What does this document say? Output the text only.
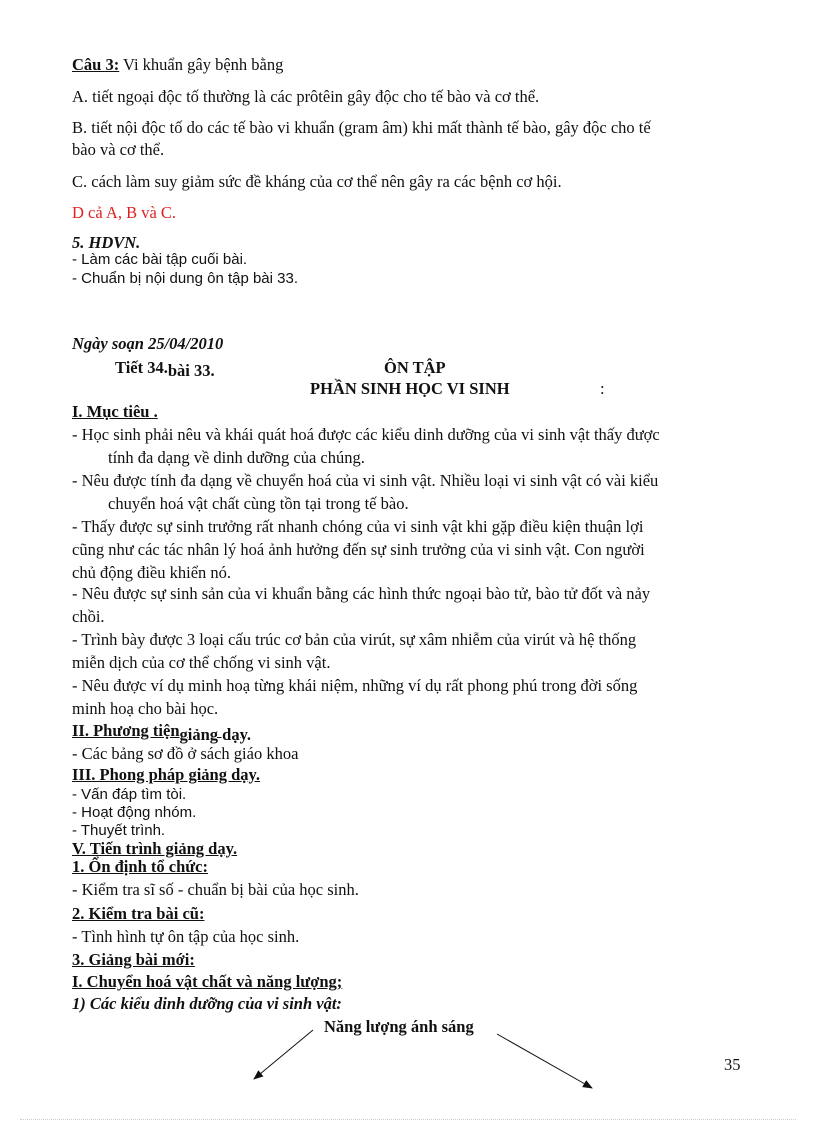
Câu 3: Vi khuẩn gây bệnh bằng
A. tiết ngoại độc tố thường là các prôtêin gây độc cho tế bào và cơ thể.
B. tiết nội độc tố do các tế bào vi khuẩn (gram âm) khi mất thành tế bào, gây độc cho tế
bào và cơ thể.
C. cách làm suy giảm sức đề kháng của cơ thể nên gây ra các bệnh cơ hội.
D cả A, B và C.
5. HDVN.
- Làm các bài tập cuối bài.
- Chuẩn bị nội dung ôn tập bài 33.
Ngày soạn 25/04/2010
Tiết 34.bài 33.	ÔN TẬP
PHẦN SINH HỌC VI SINH	:
I. Mục tiêu .
- Học sinh phải nêu và khái quát hoá được các kiểu dinh dưỡng của vi sinh vật thấy được
tính đa dạng về dinh dưỡng của chúng.
- Nêu được tính đa dạng về chuyển hoá của vi sinh vật. Nhiều loại vi sinh vật có vài kiểu
chuyển hoá vật chất cùng tồn tại trong tế bào.
- Thấy được sự sinh trưởng rất nhanh chóng của vi sinh vật khi gặp điều kiện thuận lợi
cũng như các tác nhân lý hoá ảnh hưởng đến sự sinh trưởng của vi sinh vật. Con người
chủ động điều khiển nó.
- Nêu được sự sinh sản của vi khuẩn bằng các hình thức ngoại bào tử, bào tử đốt và nảy
chồi.
- Trình bày được 3 loại cấu trúc cơ bản của virút, sự xâm nhiễm của virút và hệ thống
miễn dịch của cơ thể chống vi sinh vật.
- Nêu được ví dụ minh hoạ từng khái niệm, những ví dụ rất phong phú trong đời sống
minh hoạ cho bài học.
II. Phương tiệngiảng dạy.
- Các bảng sơ đồ ở sách giáo khoa
III. Phong pháp giảng dạy.
- Vấn đáp tìm tòi.
- Hoạt động nhóm.
- Thuyết trình.
V. Tiến trình giảng dạy.
1. Ổn định tổ chức:
- Kiểm tra sĩ số - chuẩn bị bài của học sinh.
2. Kiểm tra bài cũ:
- Tình hình tự ôn tập của học sinh.
3. Giảng bài mới:
I. Chuyển hoá vật chất và năng lượng;
1) Các kiểu dinh dưỡng của vi sinh vật:
Năng lượng ánh sáng
35
